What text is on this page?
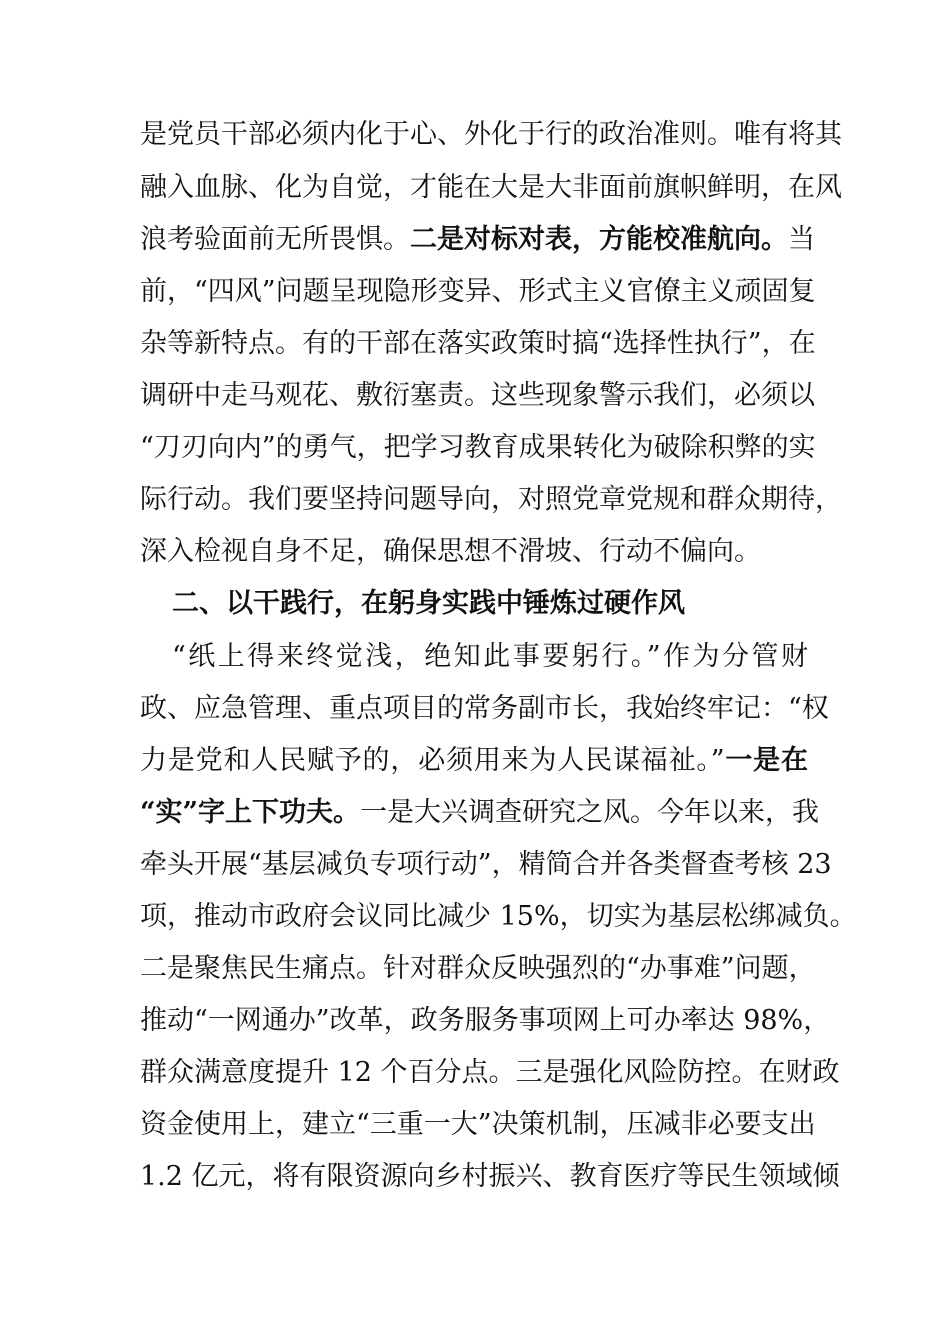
是党员干部必须内化于心、外化于行的政治准则。唯有将其
融入血脉、化为自觉，才能在大是大非面前旗帜鲜明，在风
浪考验面前无所畏惧。二是对标对表，方能校准航向。当
前，“四风”问题呈现隐形变异、形式主义官僚主义顽固复
杂等新特点。有的干部在落实政策时搞“选择性执行”，在
调研中走马观花、敷衍塞责。这些现象警示我们，必须以
“刀刃向内”的勇气，把学习教育成果转化为破除积弊的实
际行动。我们要坚持问题导向，对照党章党规和群众期待，
深入检视自身不足，确保思想不滑坡、行动不偏向。
二、以干践行，在躬身实践中锤炼过硬作风
“纸上得来终觉浅，绝知此事要躬行。”作为分管财
政、应急管理、重点项目的常务副市长，我始终牢记：“权
力是党和人民赋予的，必须用来为人民谋福祉。”一是在
“实”字上下功夫。一是大兴调查研究之风。今年以来，我
牵头开展“基层减负专项行动”，精简合并各类督查考核 23
项，推动市政府会议同比减少 15%，切实为基层松绑减负。
二是聚焦民生痛点。针对群众反映强烈的“办事难”问题，
推动“一网通办”改革，政务服务事项网上可办率达 98%，
群众满意度提升 12 个百分点。三是强化风险防控。在财政
资金使用上，建立“三重一大”决策机制，压减非必要支出
1.2 亿元，将有限资源向乡村振兴、教育医疗等民生领域倾
